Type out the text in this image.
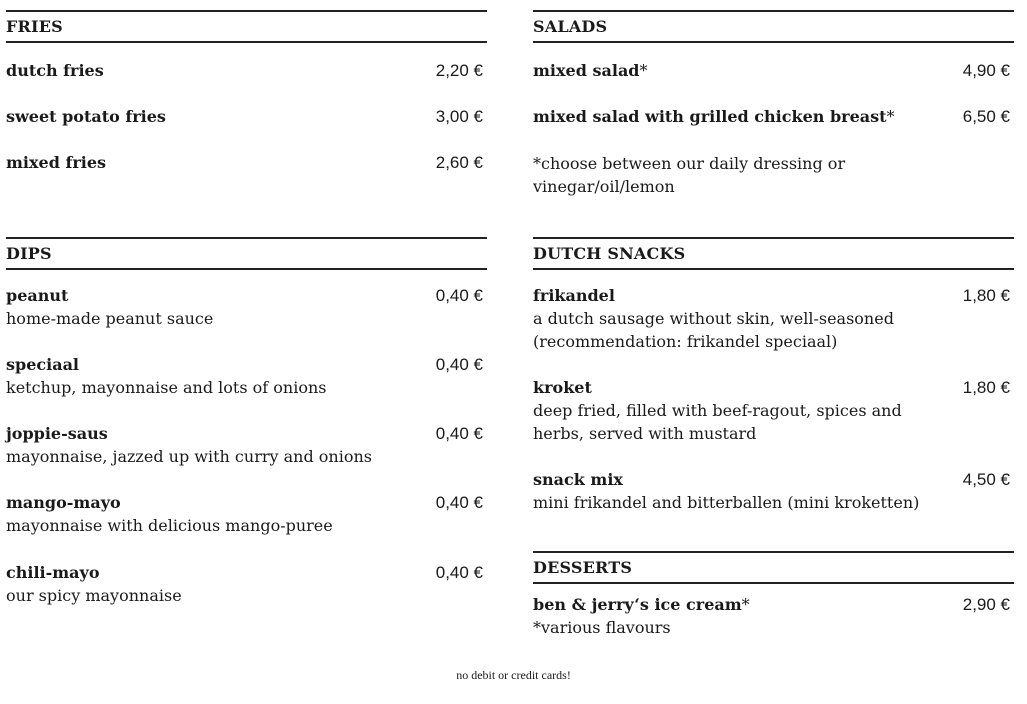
FRIES
dutch fries	2,20 €
sweet potato fries	3,00 €
mixed fries	2,60 €
DIPS
peanut	0,40 €
home-made peanut sauce
speciaal	0,40 €
ketchup, mayonnaise and lots of onions
joppie-saus	0,40 €
mayonnaise, jazzed up with curry and onions
mango-mayo	0,40 €
mayonnaise with delicious mango-puree
chili-mayo	0,40 €
our spicy mayonnaise
SALADS
mixed salad*	4,90 €
mixed salad with grilled chicken breast*	6,50 €
*choose between our daily dressing or
vinegar/oil/lemon
DUTCH SNACKS
frikandel	1,80 €
a dutch sausage without skin, well-seasoned
(recommendation: frikandel speciaal)
kroket	1,80 €
deep fried, filled with beef-ragout, spices and
herbs, served with mustard
snack mix	4,50 €
mini frikandel and bitterballen (mini kroketten)
DESSERTS
ben & jerry‘s ice cream*	2,90 €
*various flavours
no debit or credit cards!
